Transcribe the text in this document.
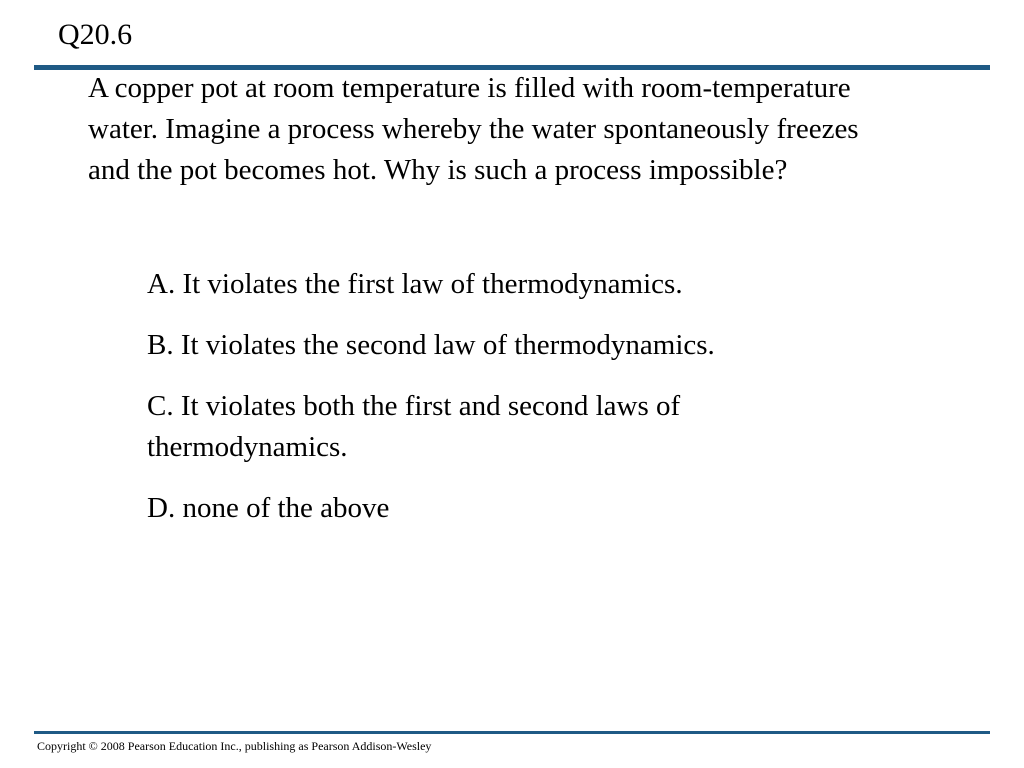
Q20.6
A copper pot at room temperature is filled with room-temperature water. Imagine a process whereby the water spontaneously freezes and the pot becomes hot. Why is such a process impossible?
A. It violates the first law of thermodynamics.
B. It violates the second law of thermodynamics.
C. It violates both the first and second laws of thermodynamics.
D. none of the above
Copyright © 2008 Pearson Education Inc., publishing as Pearson Addison-Wesley
